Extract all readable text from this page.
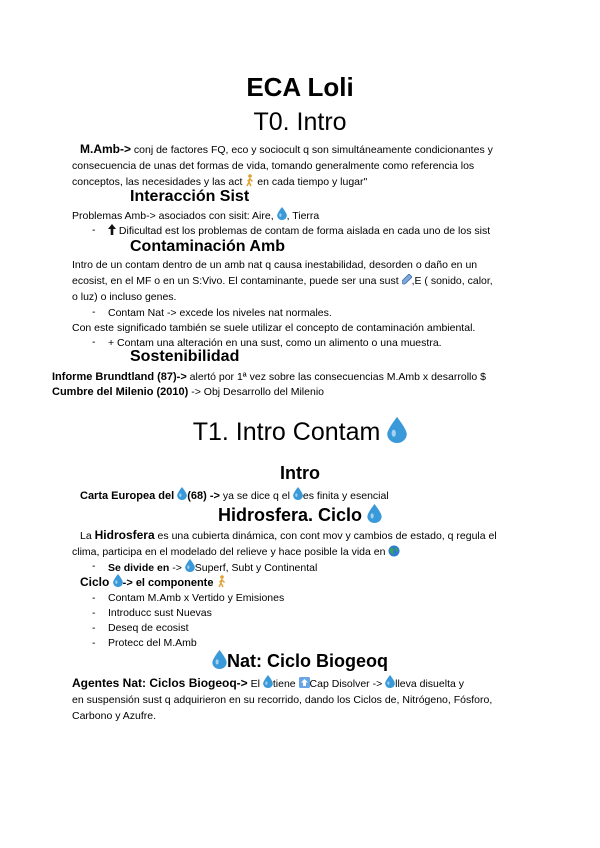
ECA Loli
T0. Intro
M.Amb-> conj de factores FQ, eco y sociocult q son simultáneamente condicionantes y
consecuencia de unas det formas de vida, tomando generalmente como referencia los
conceptos, las necesidades y las act  en cada tiempo y lugar"
Interacción Sist
Problemas Amb-> asociados con sisit: Aire, , Tierra
-	Dificultad est los problemas de contam de forma aislada en cada uno de los sist
Contaminación Amb
Intro de un contam dentro de un amb nat q causa inestabilidad, desorden o daño en un
ecosist, en el MF o en un S:Vivo. El contaminante, puede ser una sust ,E ( sonido, calor,
o luz) o incluso genes.
- Contam Nat -> excede los niveles nat normales.
Con este significado también se suele utilizar el concepto de contaminación ambiental.
- + Contam una alteración en una sust, como un alimento o una muestra.
Sostenibilidad
Informe Brundtland (87)-> alertó por 1ª vez sobre las consecuencias M.Amb x desarrollo $
Cumbre del Milenio (2010) -> Obj Desarrollo del Milenio
T1. Intro Contam
Intro
Carta Europea del (68) -> ya se dice q el es finita y esencial
Hidrosfera. Ciclo
La Hidrosfera es una cubierta dinámica, con cont mov y cambios de estado, q regula el
clima, participa en el modelado del relieve y hace posible la vida en
- Se divide en -> Superf, Subt y Continental
Ciclo -> el componente
- Contam M.Amb x Vertido y Emisiones
- Introducc sust Nuevas
- Deseq de ecosist
- Protecc del M.Amb
Nat: Ciclo Biogeoq
Agentes Nat: Ciclos Biogeoq-> El tiene Cap Disolver -> lleva disuelta y
en suspensión sust q adquirieron en su recorrido, dando los Ciclos de, Nitrógeno, Fósforo,
Carbono y Azufre.
